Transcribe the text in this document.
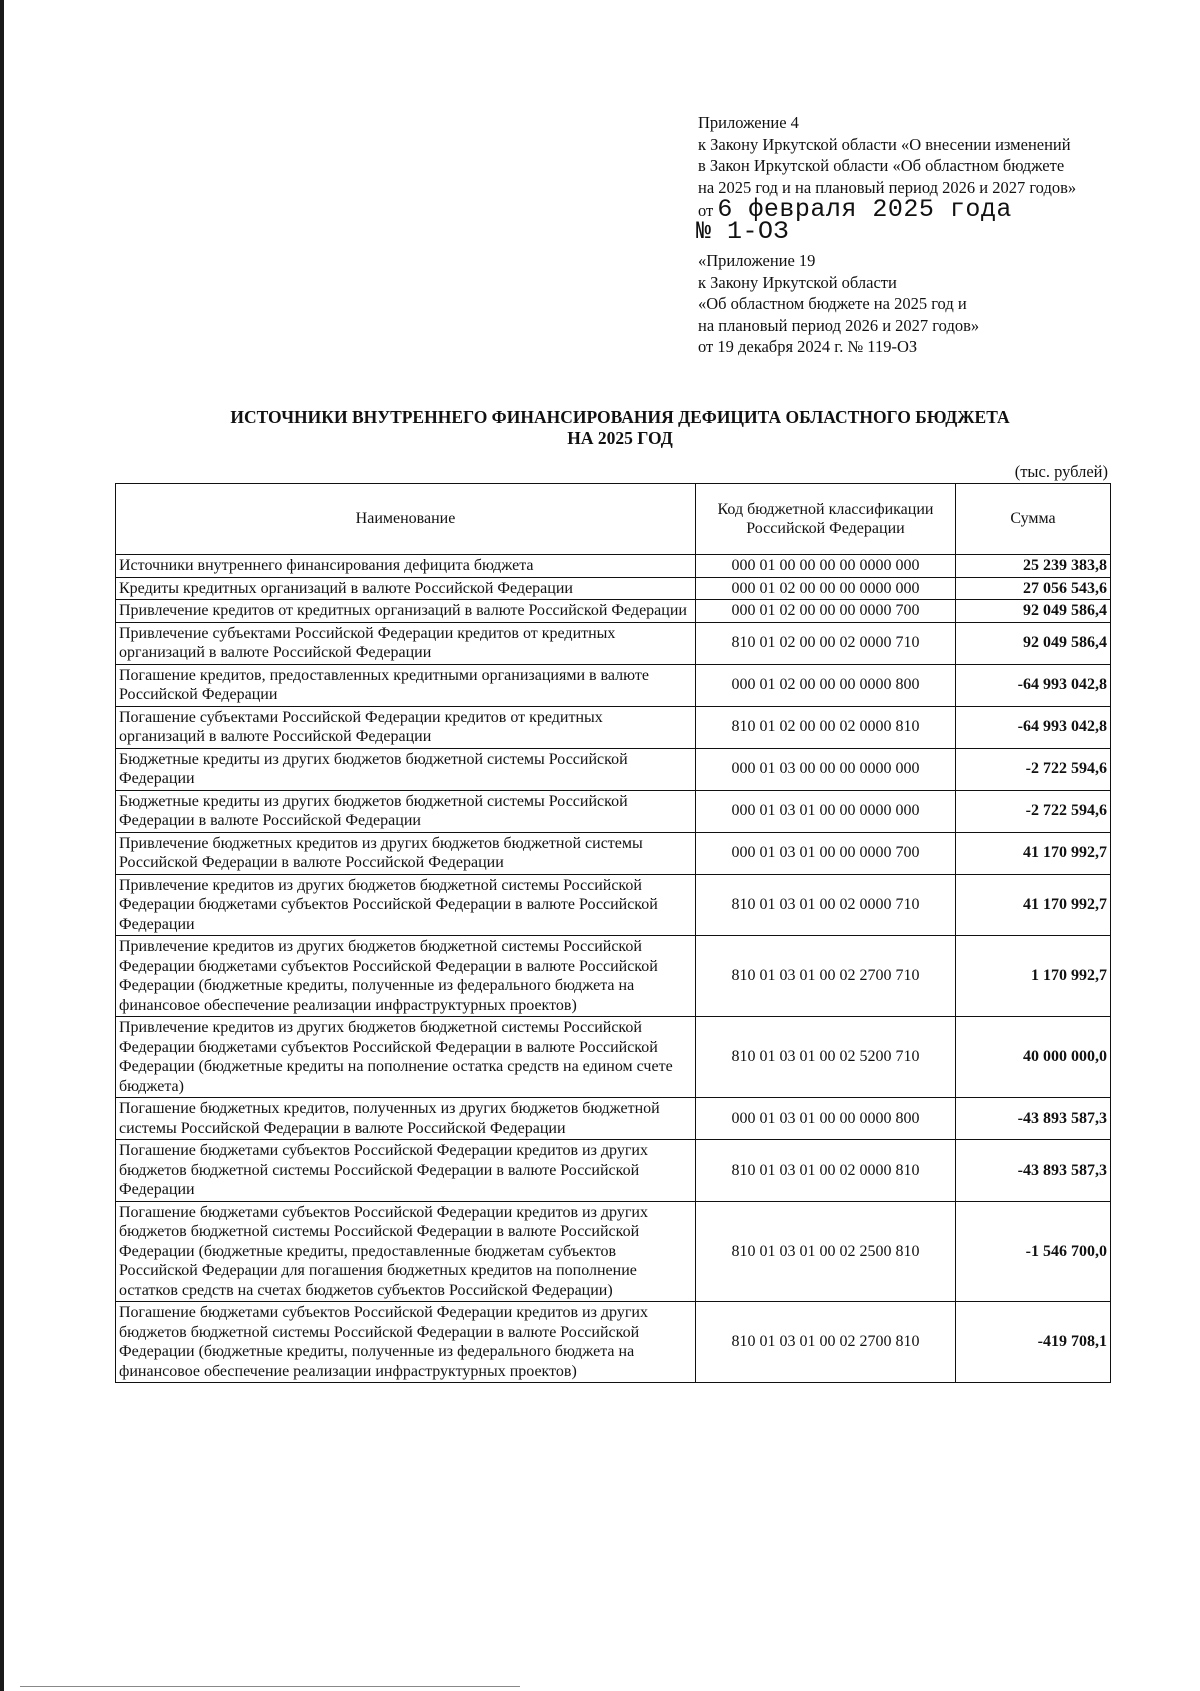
Приложение 4
к Закону Иркутской области «О внесении изменений
в Закон Иркутской области «Об областном бюджете
на 2025 год и на плановый период 2026 и 2027 годов»
от 6 февраля 2025 года
№ 1-ОЗ
«Приложение 19
к Закону Иркутской области
«Об областном бюджете на 2025 год и
на плановый период 2026 и 2027 годов»
от 19 декабря 2024 г. № 119-ОЗ
ИСТОЧНИКИ ВНУТРЕННЕГО ФИНАНСИРОВАНИЯ ДЕФИЦИТА ОБЛАСТНОГО БЮДЖЕТА
НА 2025 ГОД
(тыс. рублей)
Наименование	Код бюджетной классификации Российской Федерации	Сумма
Источники внутреннего финансирования дефицита бюджета	000 01 00 00 00 00 0000 000	25 239 383,8
Кредиты кредитных организаций в валюте Российской Федерации	000 01 02 00 00 00 0000 000	27 056 543,6
Привлечение кредитов от кредитных организаций в валюте Российской Федерации	000 01 02 00 00 00 0000 700	92 049 586,4
Привлечение субъектами Российской Федерации кредитов от кредитных организаций в валюте Российской Федерации	810 01 02 00 00 02 0000 710	92 049 586,4
Погашение кредитов, предоставленных кредитными организациями в валюте Российской Федерации	000 01 02 00 00 00 0000 800	-64 993 042,8
Погашение субъектами Российской Федерации кредитов от кредитных организаций в валюте Российской Федерации	810 01 02 00 00 02 0000 810	-64 993 042,8
Бюджетные кредиты из других бюджетов бюджетной системы Российской Федерации	000 01 03 00 00 00 0000 000	-2 722 594,6
Бюджетные кредиты из других бюджетов бюджетной системы Российской Федерации в валюте Российской Федерации	000 01 03 01 00 00 0000 000	-2 722 594,6
Привлечение бюджетных кредитов из других бюджетов бюджетной системы Российской Федерации в валюте Российской Федерации	000 01 03 01 00 00 0000 700	41 170 992,7
Привлечение кредитов из других бюджетов бюджетной системы Российской Федерации бюджетами субъектов Российской Федерации в валюте Российской Федерации	810 01 03 01 00 02 0000 710	41 170 992,7
Привлечение кредитов из других бюджетов бюджетной системы Российской Федерации бюджетами субъектов Российской Федерации в валюте Российской Федерации (бюджетные кредиты, полученные из федерального бюджета на финансовое обеспечение реализации инфраструктурных проектов)	810 01 03 01 00 02 2700 710	1 170 992,7
Привлечение кредитов из других бюджетов бюджетной системы Российской Федерации бюджетами субъектов Российской Федерации в валюте Российской Федерации (бюджетные кредиты на пополнение остатка средств на едином счете бюджета)	810 01 03 01 00 02 5200 710	40 000 000,0
Погашение бюджетных кредитов, полученных из других бюджетов бюджетной системы Российской Федерации в валюте Российской Федерации	000 01 03 01 00 00 0000 800	-43 893 587,3
Погашение бюджетами субъектов Российской Федерации кредитов из других бюджетов бюджетной системы Российской Федерации в валюте Российской Федерации	810 01 03 01 00 02 0000 810	-43 893 587,3
Погашение бюджетами субъектов Российской Федерации кредитов из других бюджетов бюджетной системы Российской Федерации в валюте Российской Федерации (бюджетные кредиты, предоставленные бюджетам субъектов Российской Федерации для погашения бюджетных кредитов на пополнение остатков средств на счетах бюджетов субъектов Российской Федерации)	810 01 03 01 00 02 2500 810	-1 546 700,0
Погашение бюджетами субъектов Российской Федерации кредитов из других бюджетов бюджетной системы Российской Федерации в валюте Российской Федерации (бюджетные кредиты, полученные из федерального бюджета на финансовое обеспечение реализации инфраструктурных проектов)	810 01 03 01 00 02 2700 810	-419 708,1
